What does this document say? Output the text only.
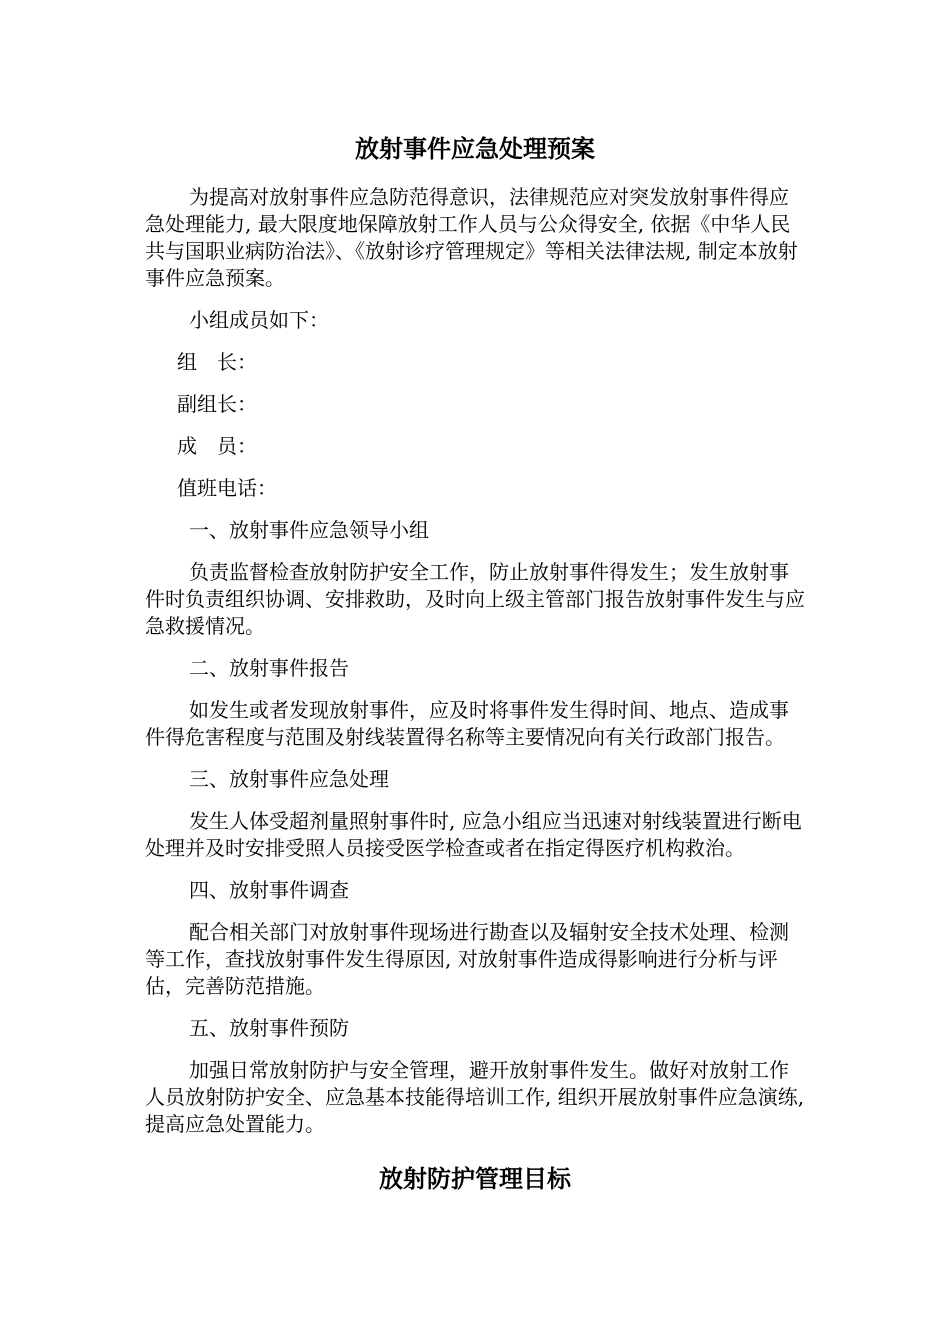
放射事件应急处理预案

为提高对放射事件应急防范得意识，法律规范应对突发放射事件得应急处理能力, 最大限度地保障放射工作人员与公众得安全, 依据《中华人民共与国职业病防治法》、《放射诊疗管理规定》等相关法律法规, 制定本放射事件应急预案。

小组成员如下：

组　长：

副组长：

成　员：

值班电话：

一、放射事件应急领导小组

负责监督检查放射防护安全工作，防止放射事件得发生；发生放射事件时负责组织协调、安排救助，及时向上级主管部门报告放射事件发生与应急救援情况。

二、放射事件报告

如发生或者发现放射事件，应及时将事件发生得时间、地点、造成事件得危害程度与范围及射线装置得名称等主要情况向有关行政部门报告。

三、放射事件应急处理

发生人体受超剂量照射事件时, 应急小组应当迅速对射线装置进行断电处理并及时安排受照人员接受医学检查或者在指定得医疗机构救治。

四、放射事件调查

配合相关部门对放射事件现场进行勘查以及辐射安全技术处理、检测等工作，查找放射事件发生得原因, 对放射事件造成得影响进行分析与评估，完善防范措施。

五、放射事件预防

加强日常放射防护与安全管理，避开放射事件发生。做好对放射工作人员放射防护安全、应急基本技能得培训工作, 组织开展放射事件应急演练, 提高应急处置能力。

放射防护管理目标
